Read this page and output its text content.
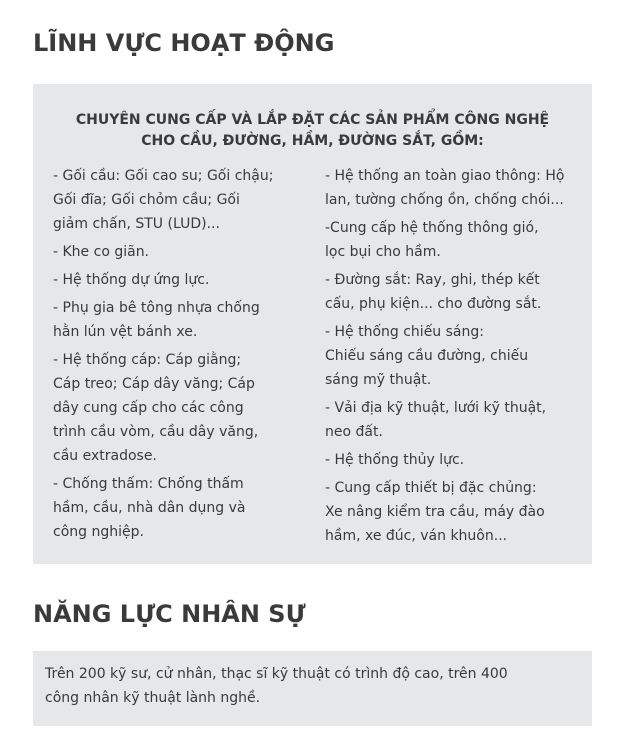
LĨNH VỰC HOẠT ĐỘNG
CHUYÊN CUNG CẤP VÀ LẮP ĐẶT CÁC SẢN PHẨM CÔNG NGHỆ
CHO CẦU, ĐƯỜNG, HẦM, ĐƯỜNG SẮT, GỒM:
- Gối cầu: Gối cao su; Gối chậu;
Gối đĩa; Gối chỏm cầu; Gối
giảm chấn, STU (LUD)...
- Khe co giãn.
- Hệ thống dự ứng lực.
- Phụ gia bê tông nhựa chống
hằn lún vệt bánh xe.
- Hệ thống cáp: Cáp giằng;
Cáp treo; Cáp dây văng; Cáp
dây cung cấp cho các công
trình cầu vòm, cầu dây văng,
cầu extradose.
- Chống thấm: Chống thấm
hầm, cầu, nhà dân dụng và
công nghiệp.
- Hệ thống an toàn giao thông: Hộ
lan, tường chống ồn, chống chói...
-Cung cấp hệ thống thông gió,
lọc bụi cho hầm.
- Đường sắt: Ray, ghi, thép kết
cấu, phụ kiện... cho đường sắt.
- Hệ thống chiếu sáng:
Chiếu sáng cầu đường, chiếu
sáng mỹ thuật.
- Vải địa kỹ thuật, lưới kỹ thuật,
neo đất.
- Hệ thống thủy lực.
- Cung cấp thiết bị đặc chủng:
Xe nâng kiểm tra cầu, máy đào
hầm, xe đúc, ván khuôn...
NĂNG LỰC NHÂN SỰ
Trên 200 kỹ sư, cử nhân, thạc sĩ kỹ thuật có trình độ cao, trên 400
công nhân kỹ thuật lành nghề.
